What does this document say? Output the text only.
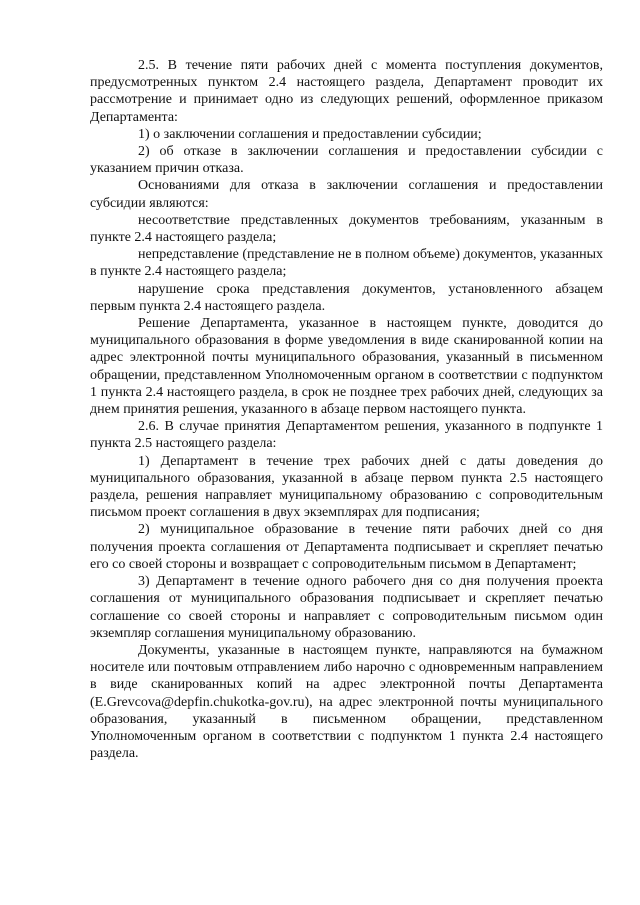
2.5. В течение пяти рабочих дней с момента поступления документов, предусмотренных пунктом 2.4 настоящего раздела, Департамент проводит их рассмотрение и принимает одно из следующих решений, оформленное приказом Департамента:

1) о заключении соглашения и предоставлении субсидии;

2) об отказе в заключении соглашения и предоставлении субсидии с указанием причин отказа.

Основаниями для отказа в заключении соглашения и предоставлении субсидии являются:

несоответствие представленных документов требованиям, указанным в пункте 2.4 настоящего раздела;

непредставление (представление не в полном объеме) документов, указанных в пункте 2.4 настоящего раздела;

нарушение срока представления документов, установленного абзацем первым пункта 2.4 настоящего раздела.

Решение Департамента, указанное в настоящем пункте, доводится до муниципального образования в форме уведомления в виде сканированной копии на адрес электронной почты муниципального образования, указанный в письменном обращении, представленном Уполномоченным органом в соответствии с подпунктом 1 пункта 2.4 настоящего раздела, в срок не позднее трех рабочих дней, следующих за днем принятия решения, указанного в абзаце первом настоящего пункта.

2.6. В случае принятия Департаментом решения, указанного в подпункте 1 пункта 2.5 настоящего раздела:

1) Департамент в течение трех рабочих дней с даты доведения до муниципального образования, указанной в абзаце первом пункта 2.5 настоящего раздела, решения направляет муниципальному образованию с сопроводительным письмом проект соглашения в двух экземплярах для подписания;

2) муниципальное образование в течение пяти рабочих дней со дня получения проекта соглашения от Департамента подписывает и скрепляет печатью его со своей стороны и возвращает с сопроводительным письмом в Департамент;

3) Департамент в течение одного рабочего дня со дня получения проекта соглашения от муниципального образования подписывает и скрепляет печатью соглашение со своей стороны и направляет с сопроводительным письмом один экземпляр соглашения муниципальному образованию.

Документы, указанные в настоящем пункте, направляются на бумажном носителе или почтовым отправлением либо нарочно с одновременным направлением в виде сканированных копий на адрес электронной почты Департамента (E.Grevcova@depfin.chukotka-gov.ru), на адрес электронной почты муниципального образования, указанный в письменном обращении, представленном Уполномоченным органом в соответствии с подпунктом 1 пункта 2.4 настоящего раздела.
